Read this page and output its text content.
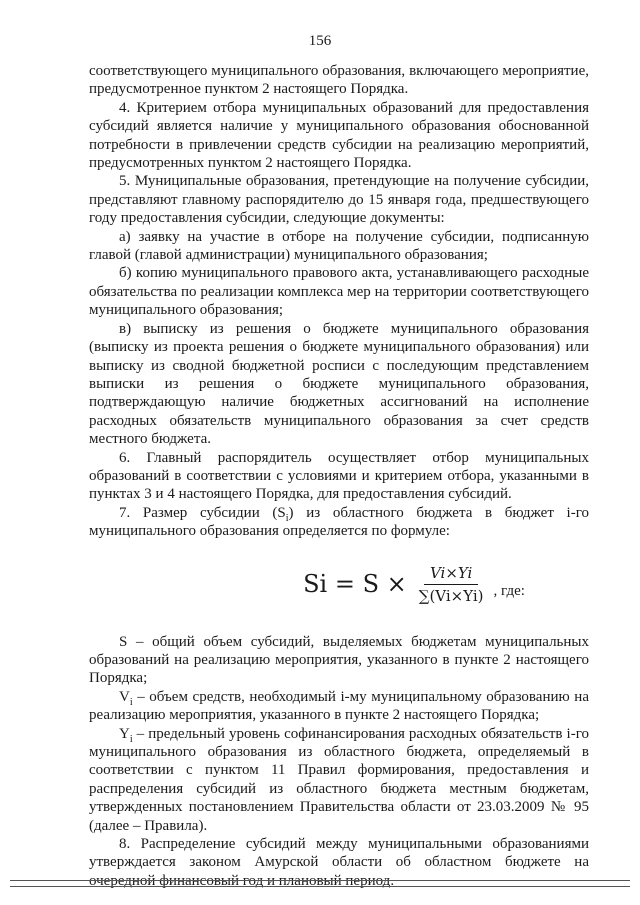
156

соответствующего муниципального образования, включающего мероприятие, предусмотренное пунктом 2 настоящего Порядка.

4. Критерием отбора муниципальных образований для предоставления субсидий является наличие у муниципального образования обоснованной потребности в привлечении средств субсидии на реализацию мероприятий, предусмотренных пунктом 2 настоящего Порядка.

5. Муниципальные образования, претендующие на получение субсидии, представляют главному распорядителю до 15 января года, предшествующего году предоставления субсидии, следующие документы:

а) заявку на участие в отборе на получение субсидии, подписанную главой (главой администрации) муниципального образования;

б) копию муниципального правового акта, устанавливающего расходные обязательства по реализации комплекса мер на территории соответствующего муниципального образования;

в) выписку из решения о бюджете муниципального образования (выписку из проекта решения о бюджете муниципального образования) или выписку из сводной бюджетной росписи с последующим представлением выписки из решения о бюджете муниципального образования, подтверждающую наличие бюджетных ассигнований на исполнение расходных обязательств муниципального образования за счет средств местного бюджета.

6. Главный распорядитель осуществляет отбор муниципальных образований в соответствии с условиями и критерием отбора, указанными в пунктах 3 и 4 настоящего Порядка, для предоставления субсидий.

7. Размер субсидии $(S_i)$ из областного бюджета в бюджет i-го муниципального образования определяется по формуле:

$Si = S \times \frac{Vi\times Yi}{\sum(Vi\times Yi)}$ , где:

S – общий объем субсидий, выделяемых бюджетам муниципальных образований на реализацию мероприятия, указанного в пункте 2 настоящего Порядка;

$V_i$ – объем средств, необходимый i-му муниципальному образованию на реализацию мероприятия, указанного в пункте 2 настоящего Порядка;

$Y_i$ – предельный уровень софинансирования расходных обязательств i-го муниципального образования из областного бюджета, определяемый в соответствии с пунктом 11 Правил формирования, предоставления и распределения субсидий из областного бюджета местным бюджетам, утвержденных постановлением Правительства области от 23.03.2009 № 95 (далее – Правила).

8. Распределение субсидий между муниципальными образованиями утверждается законом Амурской области об областном бюджете на очередной финансовый год и плановый период.
